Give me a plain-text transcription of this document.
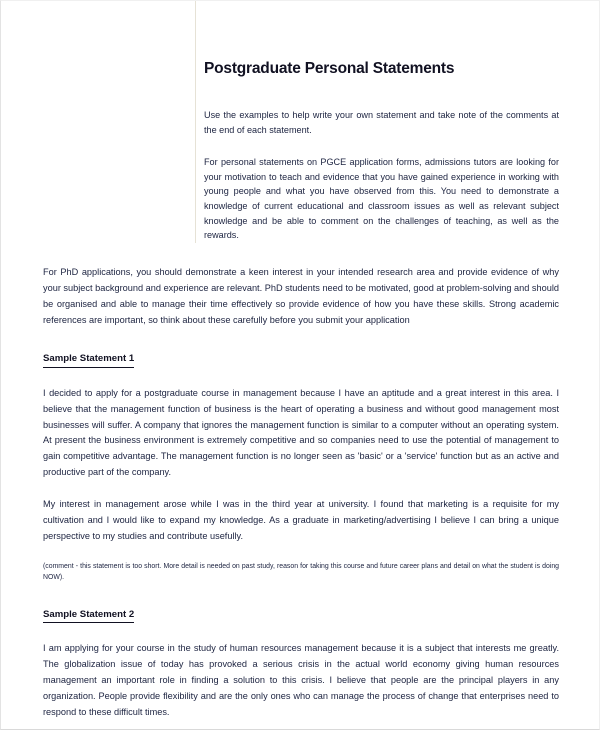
Postgraduate Personal Statements

Use the examples to help write your own statement and take note of the comments at the end of each statement.

For personal statements on PGCE application forms, admissions tutors are looking for your motivation to teach and evidence that you have gained experience in working with young people and what you have observed from this. You need to demonstrate a knowledge of current educational and classroom issues as well as relevant subject knowledge and be able to comment on the challenges of teaching, as well as the rewards.

For PhD applications, you should demonstrate a keen interest in your intended research area and provide evidence of why your subject background and experience are relevant. PhD students need to be motivated, good at problem-solving and should be organised and able to manage their time effectively so provide evidence of how you have these skills. Strong academic references are important, so think about these carefully before you submit your application

Sample Statement 1

I decided to apply for a postgraduate course in management because I have an aptitude and a great interest in this area. I believe that the management function of business is the heart of operating a business and without good management most businesses will suffer. A company that ignores the management function is similar to a computer without an operating system. At present the business environment is extremely competitive and so companies need to use the potential of management to gain competitive advantage. The management function is no longer seen as 'basic' or a 'service' function but as an active and productive part of the company.

My interest in management arose while I was in the third year at university. I found that marketing is a requisite for my cultivation and I would like to expand my knowledge. As a graduate in marketing/advertising I believe I can bring a unique perspective to my studies and contribute usefully.

(comment - this statement is too short. More detail is needed on past study, reason for taking this course and future career plans and detail on what the student is doing NOW).

Sample Statement 2

I am applying for your course in the study of human resources management because it is a subject that interests me greatly. The globalization issue of today has provoked a serious crisis in the actual world economy giving human resources management an important role in finding a solution to this crisis. I believe that people are the principal players in any organization. People provide flexibility and are the only ones who can manage the process of change that enterprises need to respond to these difficult times.
